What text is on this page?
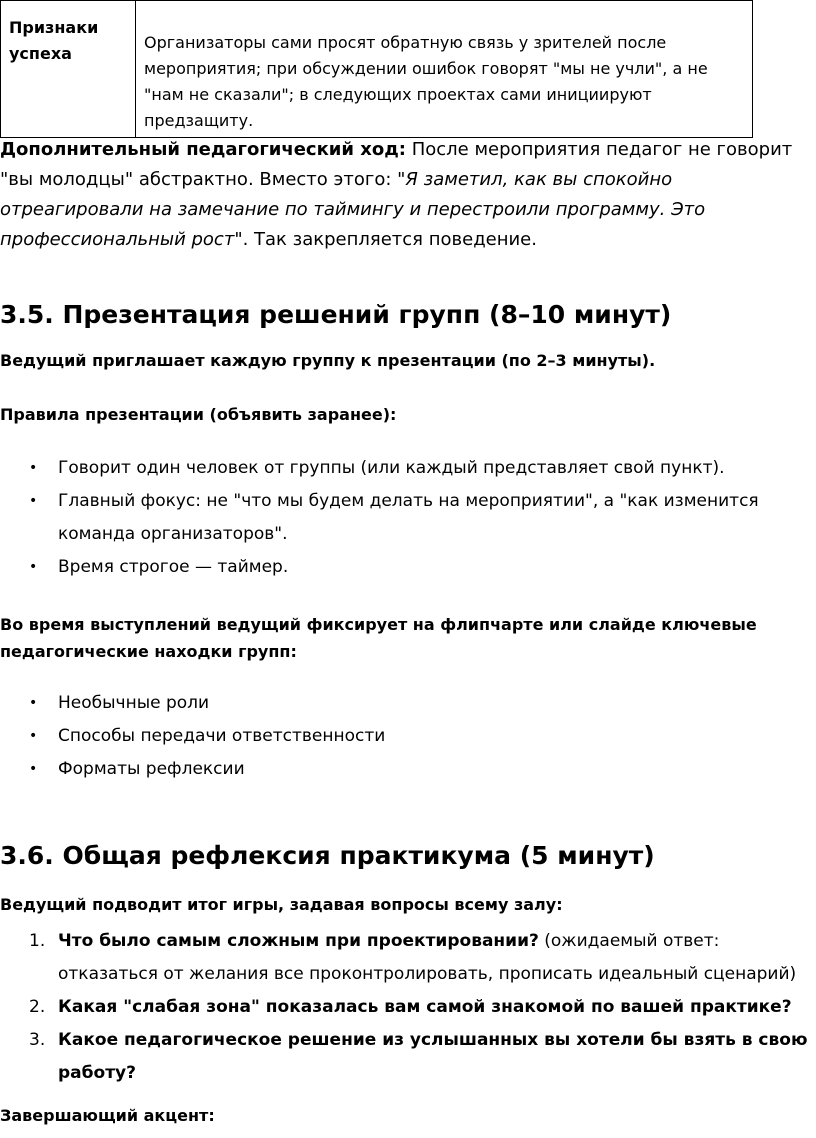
Признаки успеха	Организаторы сами просят обратную связь у зрителей после мероприятия; при обсуждении ошибок говорят "мы не учли", а не "нам не сказали"; в следующих проектах сами инициируют предзащиту.

Дополнительный педагогический ход: После мероприятия педагог не говорит "вы молодцы" абстрактно. Вместо этого: "Я заметил, как вы спокойно отреагировали на замечание по таймингу и перестроили программу. Это профессиональный рост". Так закрепляется поведение.

3.5. Презентация решений групп (8–10 минут)
Ведущий приглашает каждую группу к презентации (по 2–3 минуты).
Правила презентации (объявить заранее):
• Говорит один человек от группы (или каждый представляет свой пункт).
• Главный фокус: не "что мы будем делать на мероприятии", а "как изменится команда организаторов".
• Время строгое — таймер.
Во время выступлений ведущий фиксирует на флипчарте или слайде ключевые педагогические находки групп:
• Необычные роли
• Способы передачи ответственности
• Форматы рефлексии
3.6. Общая рефлексия практикума (5 минут)
Ведущий подводит итог игры, задавая вопросы всему залу:
1. Что было самым сложным при проектировании? (ожидаемый ответ: отказаться от желания все проконтролировать, прописать идеальный сценарий)
2. Какая "слабая зона" показалась вам самой знакомой по вашей практике?
3. Какое педагогическое решение из услышанных вы хотели бы взять в свою работу?
Завершающий акцент:
